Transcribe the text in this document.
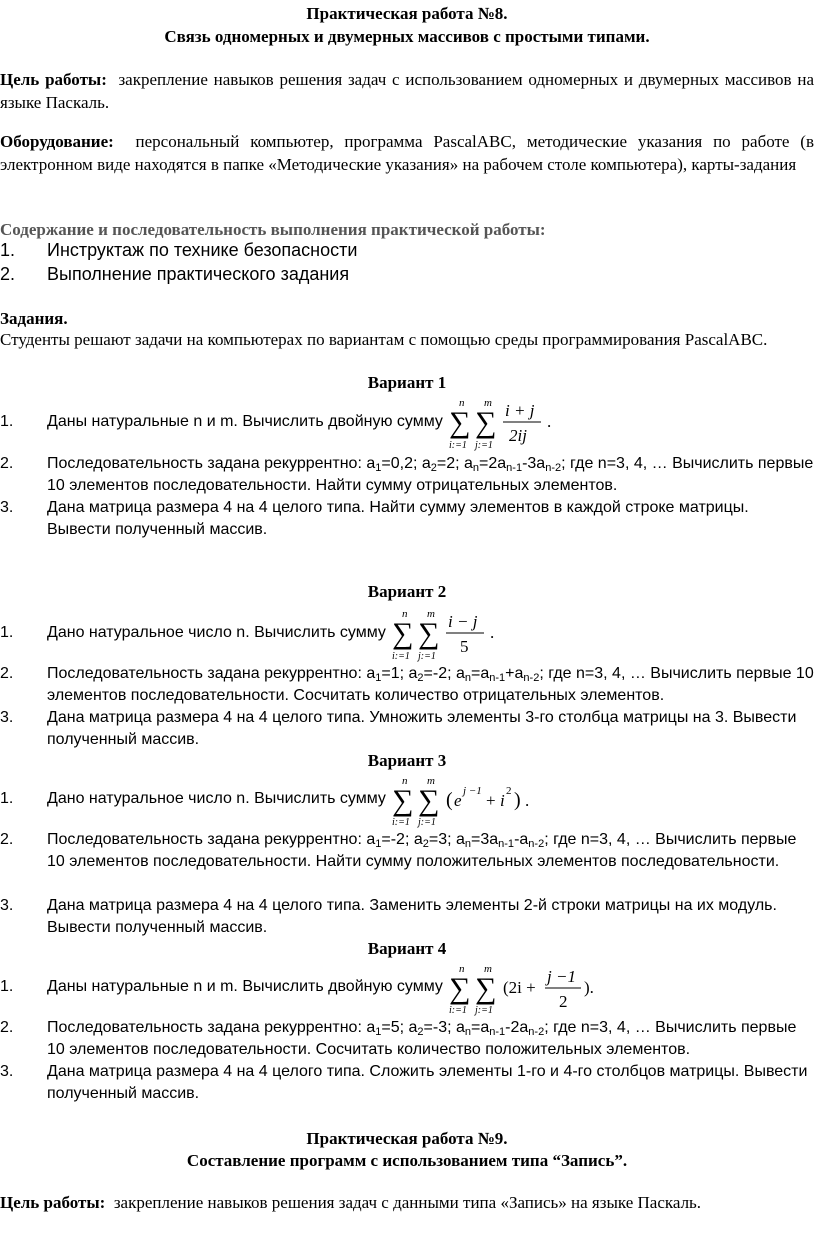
Практическая работа №8.
Связь одномерных и двумерных массивов с простыми типами.
Цель работы: закрепление навыков решения задач с использованием одномерных и двумерных массивов на языке Паскаль.
Оборудование: персональный компьютер, программа PascalABC, методические указания по работе (в электронном виде находятся в папке «Методические указания» на рабочем столе компьютера), карты-задания
Содержание и последовательность выполнения практической работы:
1. Инструктаж по технике безопасности
2. Выполнение практического задания
Задания.
Студенты решают задачи на компьютерах по вариантам с помощью среды программирования PascalABC.
Вариант 1
1. Даны натуральные n и m. Вычислить двойную сумму
n
∑
i:=1
m
∑
j:=1
i + j
2ij
.
2. Последовательность задана рекуррентно: $a_1=0,2$; $a_2=2$; $a_n=2a_{n-1}-3a_{n-2}$; где n=3, 4, … Вычислить первые 10 элементов последовательности. Найти сумму отрицательных элементов.
3. Дана матрица размера 4 на 4 целого типа. Найти сумму элементов в каждой строке матрицы. Вывести полученный массив.
Вариант 2
1. Дано натуральное число n. Вычислить сумму
n
∑
i:=1
m
∑
j:=1
i − j
5
.
2. Последовательность задана рекуррентно: $a_1=1$; $a_2=-2$; $a_n=a_{n-1}+a_{n-2}$; где n=3, 4, … Вычислить первые 10 элементов последовательности. Сосчитать количество отрицательных элементов.
3. Дана матрица размера 4 на 4 целого типа. Умножить элементы 3-го столбца матрицы на 3. Вывести полученный массив.
Вариант 3
1. Дано натуральное число n. Вычислить сумму
n
∑
i:=1
m
∑
j:=1
( e j −1 + i 2 ) .
2. Последовательность задана рекуррентно: $a_1=-2$; $a_2=3$; $a_n=3a_{n-1}-a_{n-2}$; где n=3, 4, … Вычислить первые 10 элементов последовательности. Найти сумму положительных элементов последовательности.
3. Дана матрица размера 4 на 4 целого типа. Заменить элементы 2-й строки матрицы на их модуль. Вывести полученный массив.
Вариант 4
1. Даны натуральные n и m. Вычислить двойную сумму
n
∑
i:=1
m
∑
j:=1
(2i +
j −1
2
).
2. Последовательность задана рекуррентно: $a_1=5$; $a_2=-3$; $a_n=a_{n-1}-2a_{n-2}$; где n=3, 4, … Вычислить первые 10 элементов последовательности. Сосчитать количество положительных элементов.
3. Дана матрица размера 4 на 4 целого типа. Сложить элементы 1-го и 4-го столбцов матрицы. Вывести полученный массив.
Практическая работа №9.
Составление программ с использованием типа “Запись”.
Цель работы: закрепление навыков решения задач с данными типа «Запись» на языке Паскаль.
